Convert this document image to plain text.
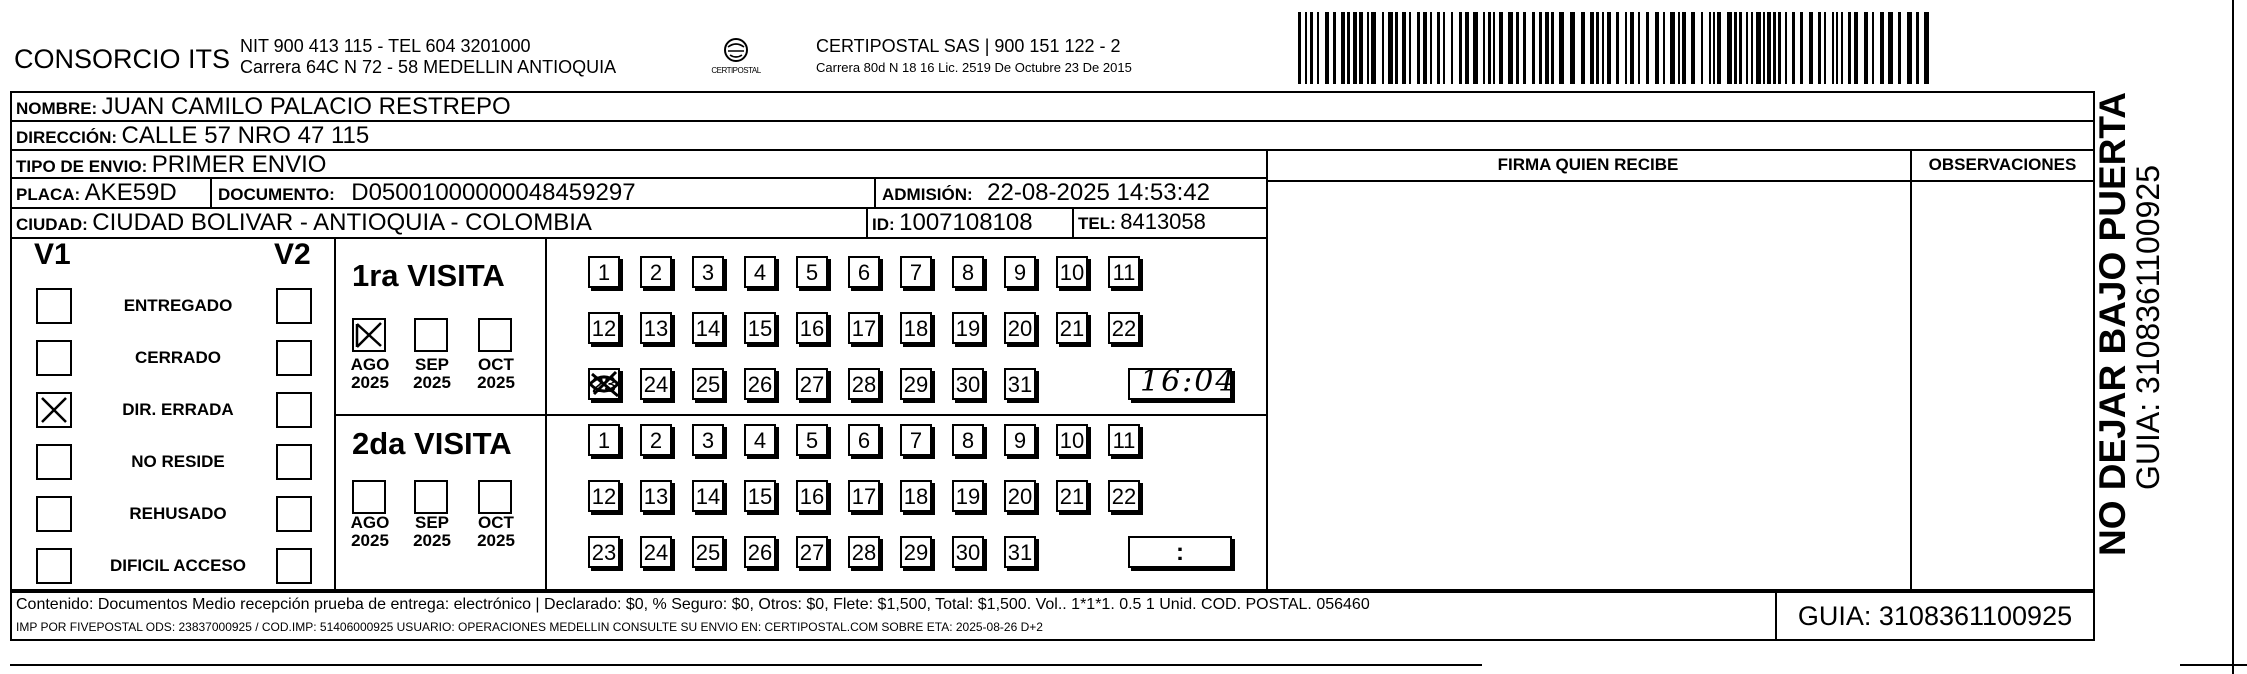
CONSORCIO ITS NIT 900 413 115 - TEL 604 3201000
Carrera 64C N 72 - 58 MEDELLIN ANTIOQUIA	CERTIPOSTAL
CERTIPOSTAL SAS | 900 151 122 - 2
Carrera 80d N 18 16 Lic. 2519 De Octubre 23 De 2015
NOMBRE: JUAN CAMILO PALACIO RESTREPO
DIRECCIÓN: CALLE 57 NRO 47 115
TIPO DE ENVIO: PRIMER ENVIO
PLACA: AKE59D DOCUMENTO: D05001000000048459297	ADMISIÓN: 22-08-2025 14:53:42
CIUDAD: CIUDAD BOLIVAR - ANTIOQUIA - COLOMBIA	ID: 1007108108	TEL: 8413058
FIRMA QUIEN RECIBE	OBSERVACIONES
V1	V2
ENTREGADO
CERRADO
DIR. ERRADA
NO RESIDE
REHUSADO
DIFICIL ACCESO
1ra VISITA
AGO
2025
SEP
2025
OCT
2025
1	2	3	4	5	6	7	8	9	10 11
12 13 14 15 16 17 18 19 20 21 22
23 24 25 26 27 28 29 30 31	16:04
2da VISITA
AGO
2025
SEP
2025
OCT
2025
1	2	3	4	5	6	7	8	9	10 11
12 13 14 15 16 17 18 19 20 21 22
23 24 25 26 27 28 29 30 31	:
Contenido: Documentos Medio recepción prueba de entrega: electrónico | Declarado: $0, % Seguro: $0, Otros: $0, Flete: $1,500, Total: $1,500. Vol.. 1*1*1. 0.5 1 Unid. COD. POSTAL. 056460
IMP POR FIVEPOSTAL ODS: 23837000925 / COD.IMP: 51406000925 USUARIO: OPERACIONES MEDELLIN CONSULTE SU ENVIO EN: CERTIPOSTAL.COM SOBRE ETA: 2025-08-26 D+2	GUIA: 3108361100925
NO DEJAR BAJO PUERTA
GUIA: 3108361100925
